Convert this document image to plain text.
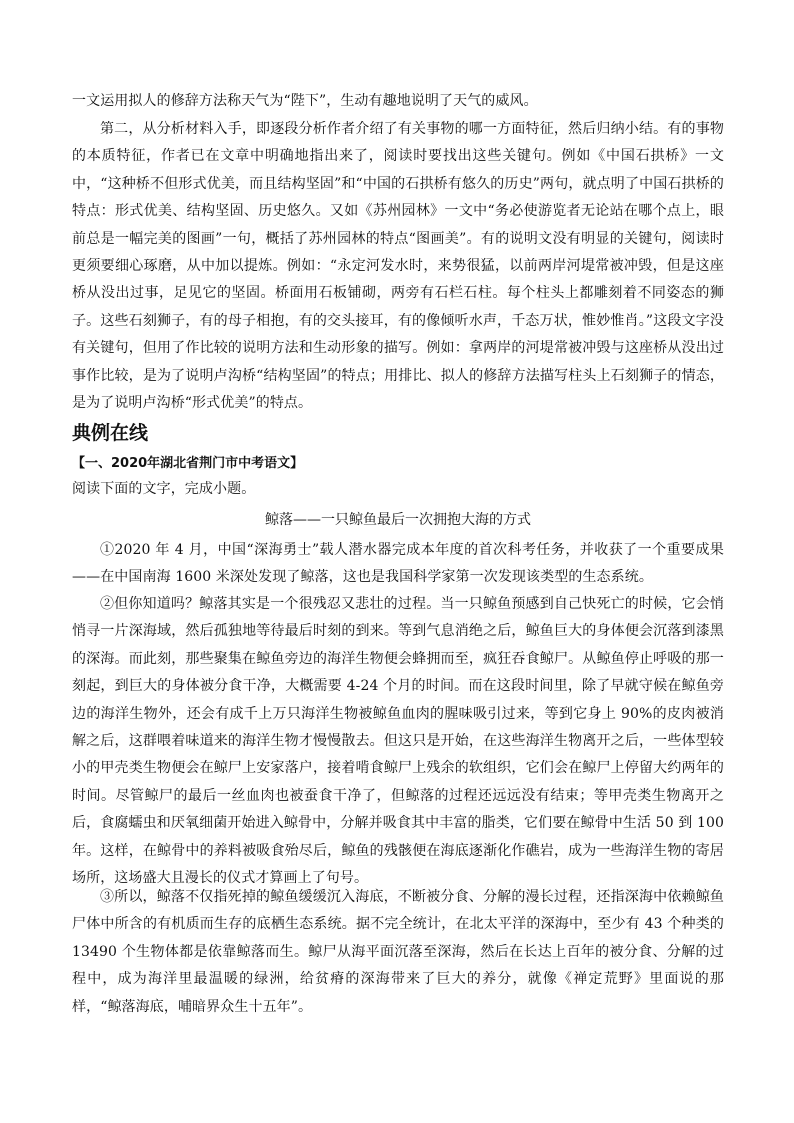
一文运用拟人的修辞方法称天气为“陛下”，生动有趣地说明了天气的威风。

第二，从分析材料入手，即逐段分析作者介绍了有关事物的哪一方面特征，然后归纳小结。有的事物的本质特征，作者已在文章中明确地指出来了，阅读时要找出这些关键句。例如《中国石拱桥》一文中，“这种桥不但形式优美，而且结构坚固”和“中国的石拱桥有悠久的历史”两句，就点明了中国石拱桥的特点：形式优美、结构坚固、历史悠久。又如《苏州园林》一文中“务必使游览者无论站在哪个点上，眼前总是一幅完美的图画”一句，概括了苏州园林的特点“图画美”。有的说明文没有明显的关键句，阅读时更须要细心琢磨，从中加以提炼。例如：“永定河发水时，来势很猛，以前两岸河堤常被冲毁，但是这座桥从没出过事，足见它的坚固。桥面用石板铺砌，两旁有石栏石柱。每个柱头上都雕刻着不同姿态的狮子。这些石刻狮子，有的母子相抱，有的交头接耳，有的像倾听水声，千态万状，惟妙惟肖。”这段文字没有关键句，但用了作比较的说明方法和生动形象的描写。例如：拿两岸的河堤常被冲毁与这座桥从没出过事作比较，是为了说明卢沟桥“结构坚固”的特点；用排比、拟人的修辞方法描写柱头上石刻狮子的情态，是为了说明卢沟桥“形式优美”的特点。

典例在线

【一、2020年湖北省荆门市中考语文】

阅读下面的文字，完成小题。

鲸落——一只鲸鱼最后一次拥抱大海的方式

①2020 年 4 月，中国“深海勇士”载人潜水器完成本年度的首次科考任务，并收获了一个重要成果——在中国南海 1600 米深处发现了鲸落，这也是我国科学家第一次发现该类型的生态系统。

②但你知道吗？鲸落其实是一个很残忍又悲壮的过程。当一只鲸鱼预感到自己快死亡的时候，它会悄悄寻一片深海域，然后孤独地等待最后时刻的到来。等到气息消绝之后，鲸鱼巨大的身体便会沉落到漆黑的深海。而此刻，那些聚集在鲸鱼旁边的海洋生物便会蜂拥而至，疯狂吞食鲸尸。从鲸鱼停止呼吸的那一刻起，到巨大的身体被分食干净，大概需要 4-24 个月的时间。而在这段时间里，除了早就守候在鲸鱼旁边的海洋生物外，还会有成千上万只海洋生物被鲸鱼血肉的腥味吸引过来，等到它身上 90%的皮肉被消解之后，这群喂着味道来的海洋生物才慢慢散去。但这只是开始，在这些海洋生物离开之后，一些体型较小的甲壳类生物便会在鲸尸上安家落户，接着啃食鲸尸上残余的软组织，它们会在鲸尸上停留大约两年的时间。尽管鲸尸的最后一丝血肉也被蚕食干净了，但鲸落的过程还远远没有结束；等甲壳类生物离开之后，食腐蠕虫和厌氧细菌开始进入鲸骨中，分解并吸食其中丰富的脂类，它们要在鲸骨中生活 50 到 100 年。这样，在鲸骨中的养料被吸食殆尽后，鲸鱼的残骸便在海底逐渐化作礁岩，成为一些海洋生物的寄居场所，这场盛大且漫长的仪式才算画上了句号。

③所以，鲸落不仅指死掉的鲸鱼缓缓沉入海底，不断被分食、分解的漫长过程，还指深海中依赖鲸鱼尸体中所含的有机质而生存的底栖生态系统。据不完全统计，在北太平洋的深海中，至少有 43 个种类的 13490 个生物体都是依靠鲸落而生。鲸尸从海平面沉落至深海，然后在长达上百年的被分食、分解的过程中，成为海洋里最温暖的绿洲，给贫瘠的深海带来了巨大的养分，就像《禅定荒野》里面说的那样，“鲸落海底，哺暗界众生十五年”。
